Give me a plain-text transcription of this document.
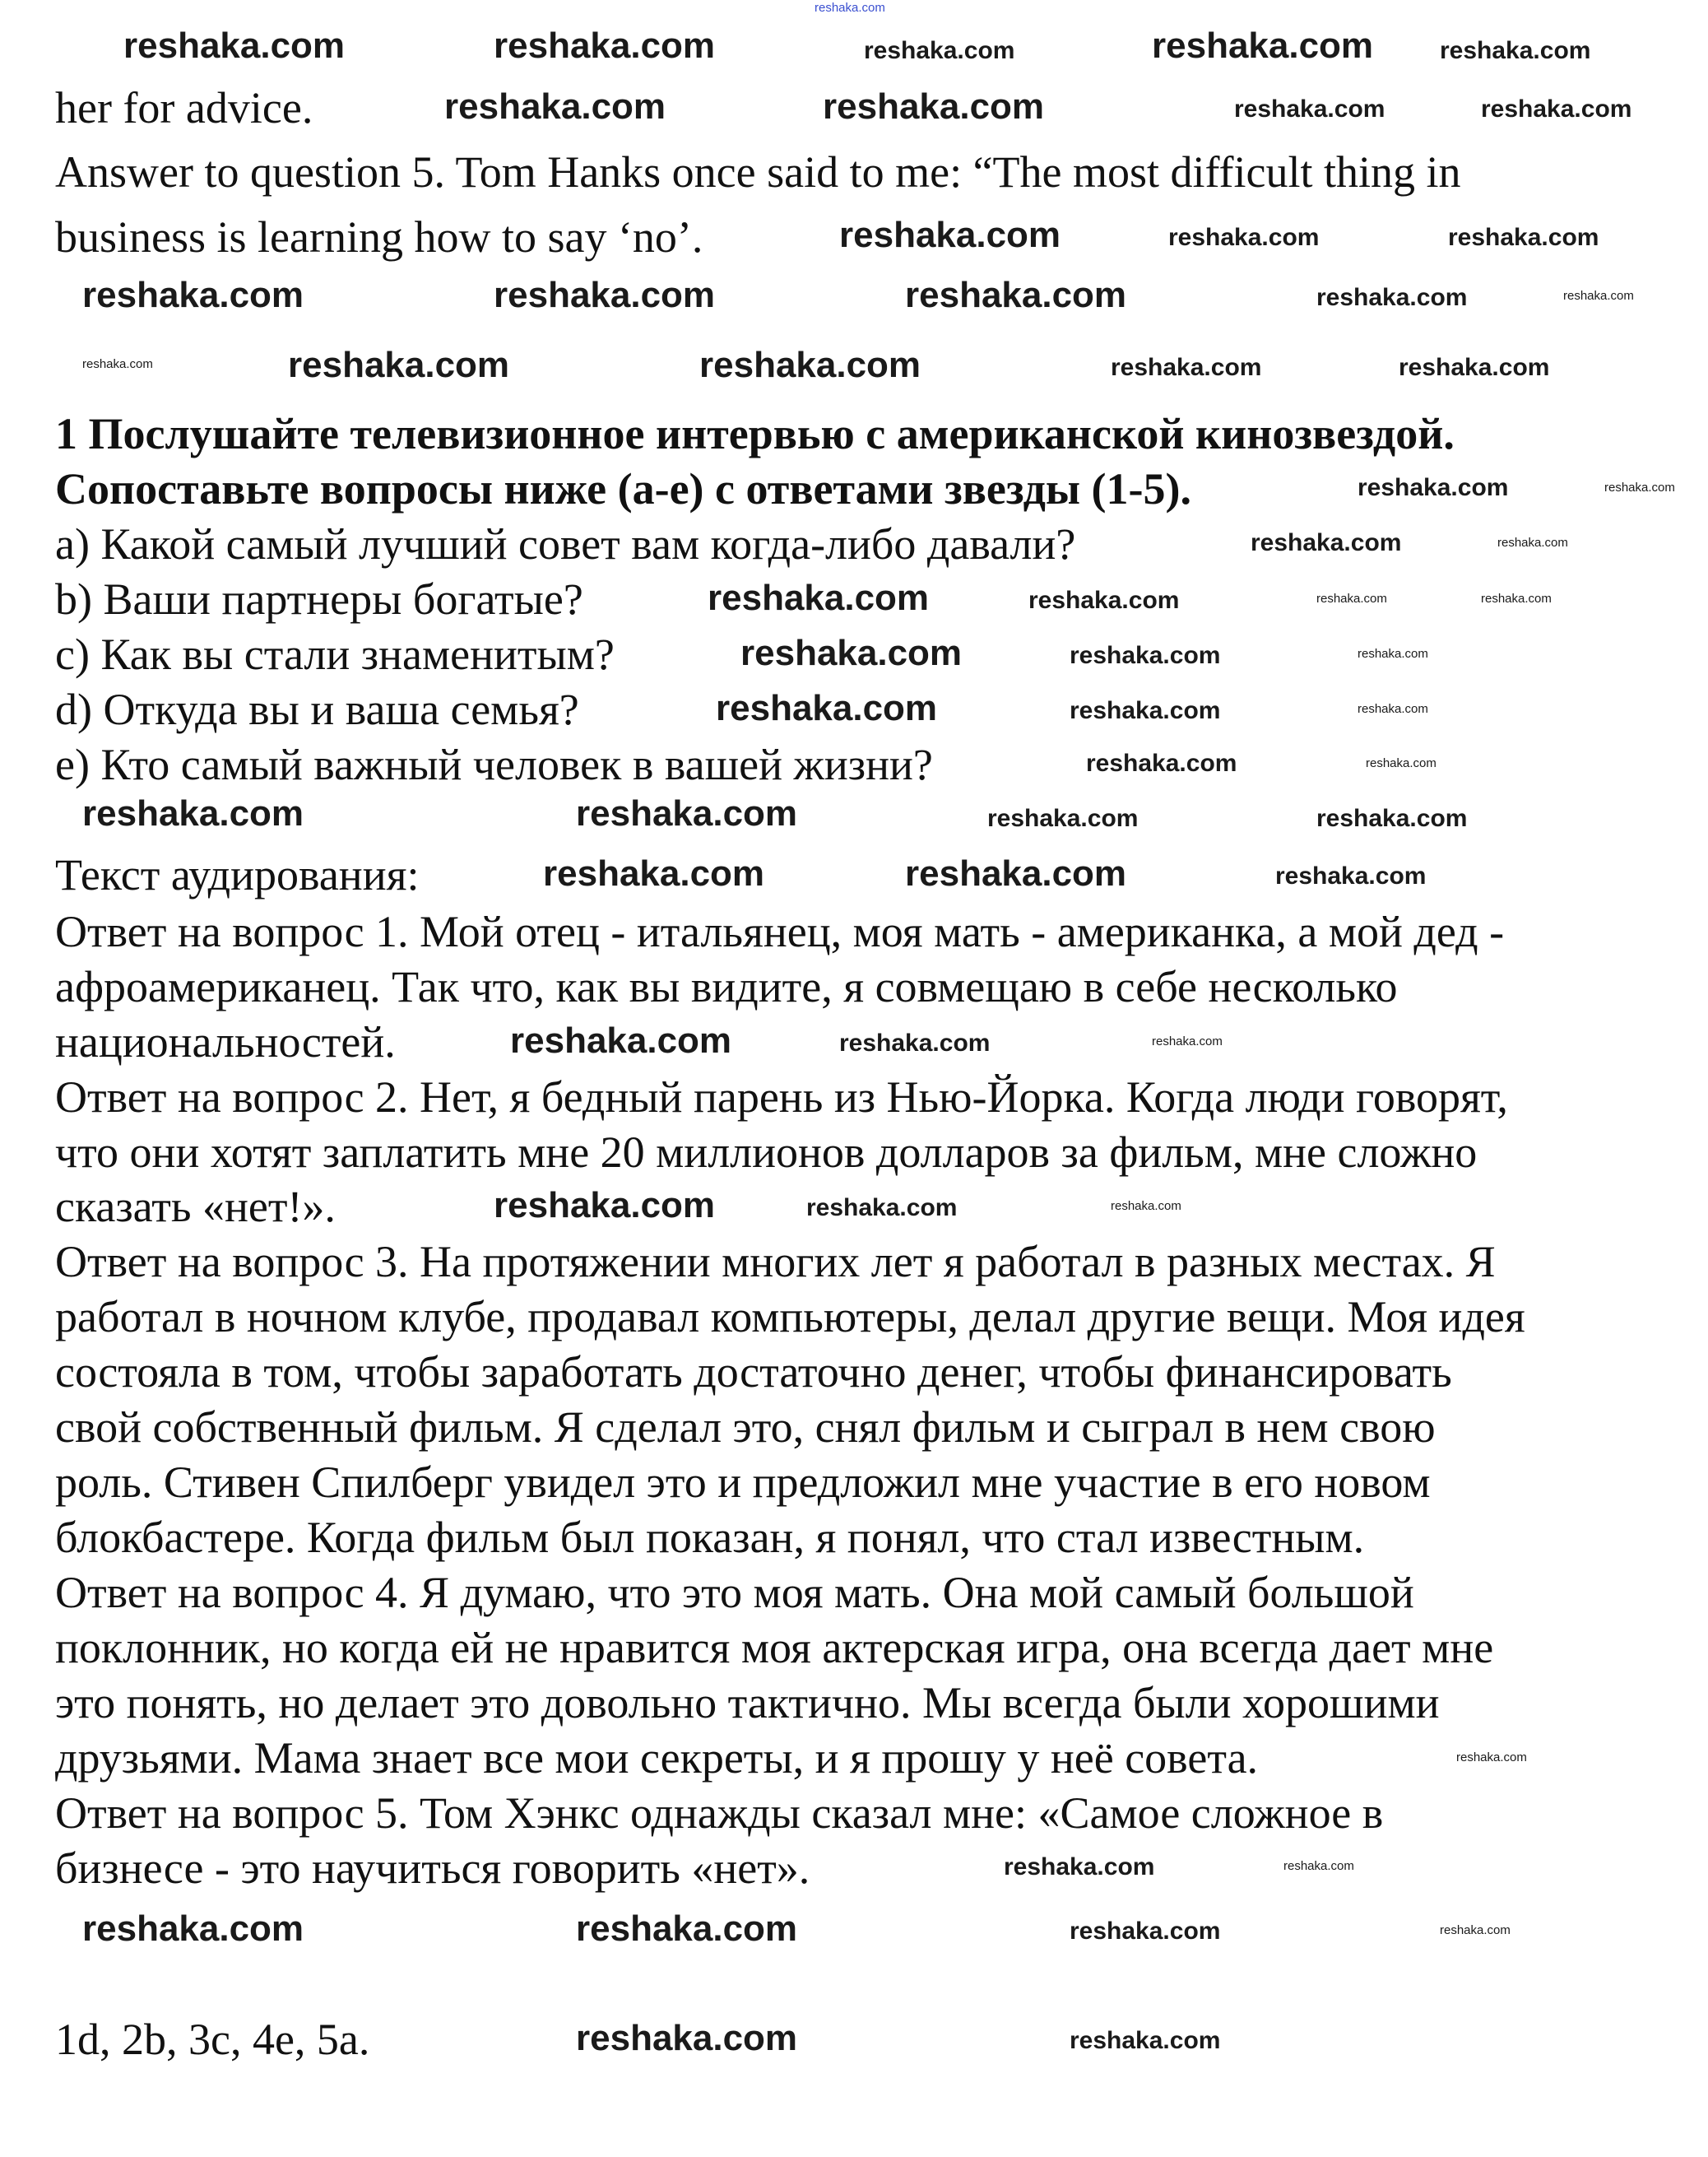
her for advice.
Answer to question 5. Tom Hanks once said to me: “The most difficult thing in
business is learning how to say ‘no’.
1 Послушайте телевизионное интервью с американской кинозвездой.
Сопоставьте вопросы ниже (a-e) с ответами звезды (1-5).
a) Какой самый лучший совет вам когда-либо давали?
b) Ваши партнеры богатые?
c) Как вы стали знаменитым?
d) Откуда вы и ваша семья?
e) Кто самый важный человек в вашей жизни?
Текст аудирования:
Ответ на вопрос 1. Мой отец - итальянец, моя мать - американка, а мой дед -
афроамериканец. Так что, как вы видите, я совмещаю в себе несколько
национальностей.
Ответ на вопрос 2. Нет, я бедный парень из Нью-Йорка. Когда люди говорят,
что они хотят заплатить мне 20 миллионов долларов за фильм, мне сложно
сказать «нет!».
Ответ на вопрос 3. На протяжении многих лет я работал в разных местах. Я
работал в ночном клубе, продавал компьютеры, делал другие вещи. Моя идея
состояла в том, чтобы заработать достаточно денег, чтобы финансировать
свой собственный фильм. Я сделал это, снял фильм и сыграл в нем свою
роль. Стивен Спилберг увидел это и предложил мне участие в его новом
блокбастере. Когда фильм был показан, я понял, что стал известным.
Ответ на вопрос 4. Я думаю, что это моя мать. Она мой самый большой
поклонник, но когда ей не нравится моя актерская игра, она всегда дает мне
это понять, но делает это довольно тактично. Мы всегда были хорошими
друзьями. Мама знает все мои секреты, и я прошу у неё совета.
Ответ на вопрос 5. Том Хэнкс однажды сказал мне: «Самое сложное в
бизнесе - это научиться говорить «нет».
1d, 2b, 3c, 4e, 5a.
reshaka.com
reshaka.com	reshaka.com	reshaka.com
reshaka.com	reshaka.com
reshaka.com	reshaka.com	reshaka.com	reshaka.com
reshaka.com	reshaka.com	reshaka.com
reshaka.com	reshaka.com	reshaka.com	reshaka.com	reshaka.com
reshaka.com	reshaka.com	reshaka.com	reshaka.com	reshaka.com
reshaka.com	reshaka.com
reshaka.com	reshaka.com
reshaka.com	reshaka.com	reshaka.com	reshaka.com
reshaka.com	reshaka.com	reshaka.com
reshaka.com	reshaka.com	reshaka.com
reshaka.com	reshaka.com
reshaka.com	reshaka.com	reshaka.com	reshaka.com
reshaka.com	reshaka.com	reshaka.com
reshaka.com	reshaka.com	reshaka.com
reshaka.com	reshaka.com	reshaka.com
reshaka.com
reshaka.com	reshaka.com
reshaka.com	reshaka.com	reshaka.com	reshaka.com
reshaka.com	reshaka.com
